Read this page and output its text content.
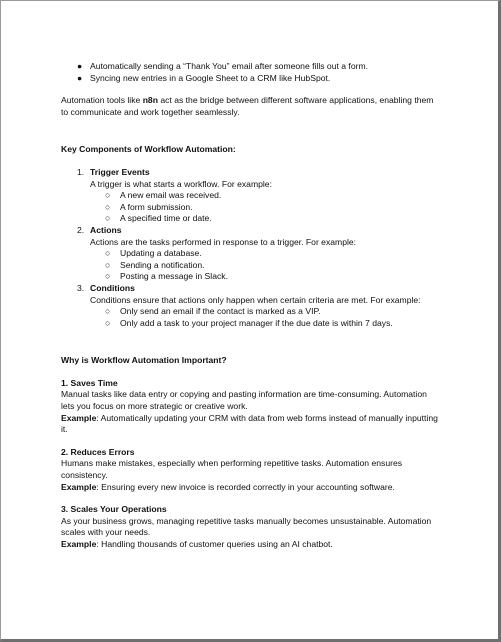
● Automatically sending a “Thank You” email after someone fills out a form.
● Syncing new entries in a Google Sheet to a CRM like HubSpot.

Automation tools like n8n act as the bridge between different software applications, enabling them to communicate and work together seamlessly.

Key Components of Workflow Automation:

1. Trigger Events
A trigger is what starts a workflow. For example:
○ A new email was received.
○ A form submission.
○ A specified time or date.
2. Actions
Actions are the tasks performed in response to a trigger. For example:
○ Updating a database.
○ Sending a notification.
○ Posting a message in Slack.
3. Conditions
Conditions ensure that actions only happen when certain criteria are met. For example:
○ Only send an email if the contact is marked as a VIP.
○ Only add a task to your project manager if the due date is within 7 days.

Why is Workflow Automation Important?

1. Saves Time
Manual tasks like data entry or copying and pasting information are time-consuming. Automation lets you focus on more strategic or creative work.
Example: Automatically updating your CRM with data from web forms instead of manually inputting it.
2. Reduces Errors
Humans make mistakes, especially when performing repetitive tasks. Automation ensures consistency.
Example: Ensuring every new invoice is recorded correctly in your accounting software.
3. Scales Your Operations
As your business grows, managing repetitive tasks manually becomes unsustainable. Automation scales with your needs.
Example: Handling thousands of customer queries using an AI chatbot.
